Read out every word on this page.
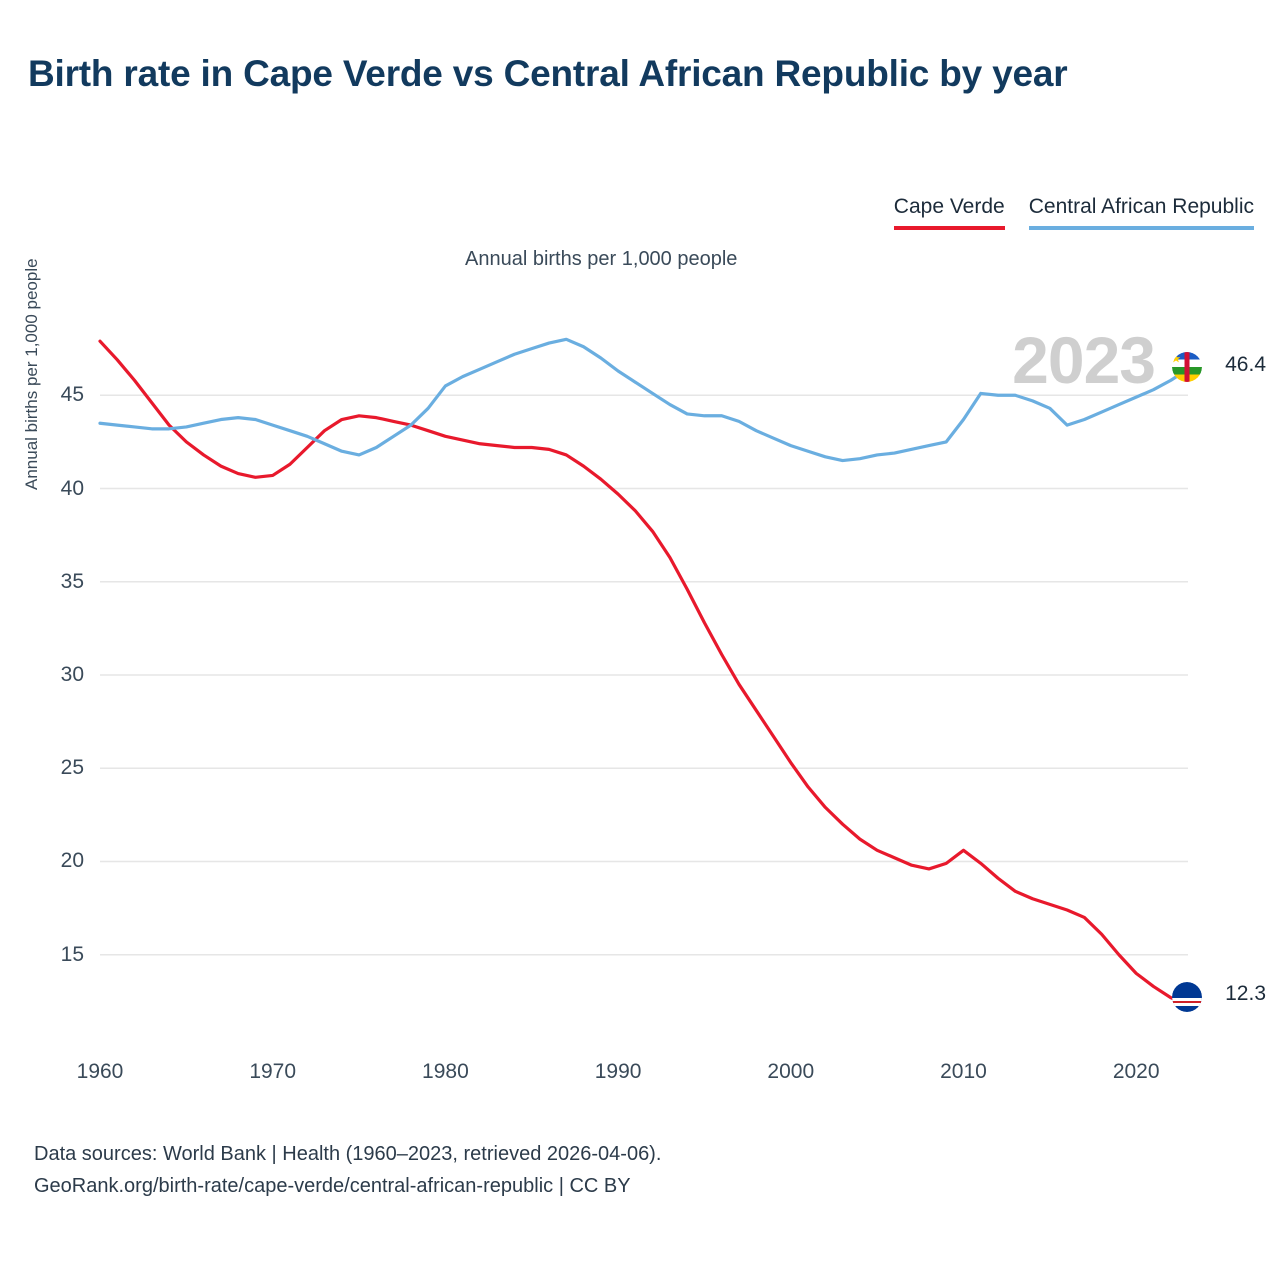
Birth rate in Cape Verde vs Central African Republic by year
Cape Verde Central African Republic
Annual births per 1,000 people
Annual births per 1,000 people
1960	1970	1980	1990	2000	2010	2020
15
20
25
30
35
40
45	2023	46.4
12.3
Data sources: World Bank | Health (1960–2023, retrieved 2026-04-06).
GeoRank.org/birth-rate/cape-verde/central-african-republic | CC BY
